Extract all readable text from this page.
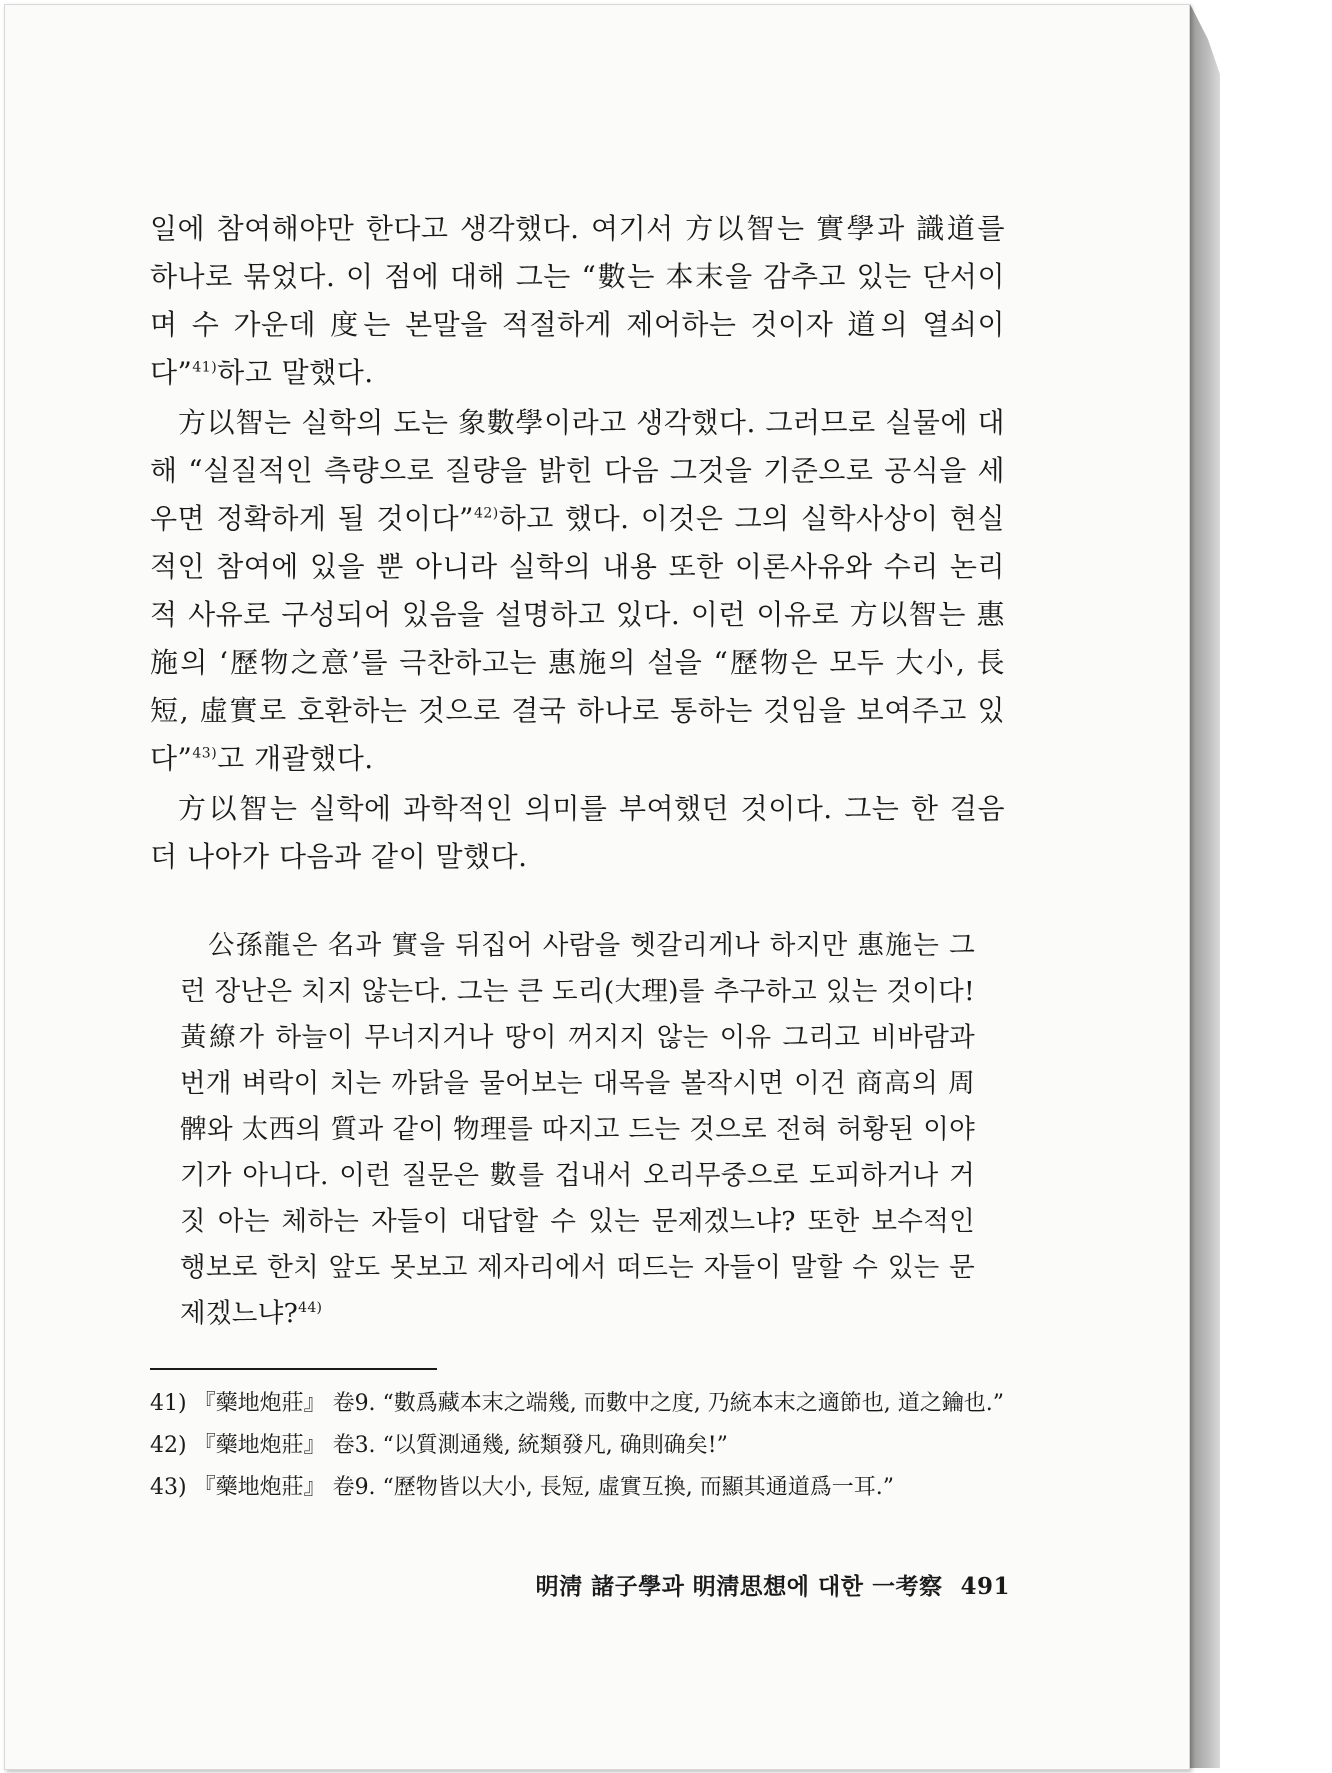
일에 참여해야만 한다고 생각했다. 여기서 方以智는 實學과 識道를 하나로 묶었다. 이 점에 대해 그는 “數는 本末을 감추고 있는 단서이며 수 가운데 度는 본말을 적절하게 제어하는 것이자 道의 열쇠이다”$^{41)}$하고 말했다.

方以智는 실학의 도는 象數學이라고 생각했다. 그러므로 실물에 대해 “실질적인 측량으로 질량을 밝힌 다음 그것을 기준으로 공식을 세우면 정확하게 될 것이다”$^{42)}$하고 했다. 이것은 그의 실학사상이 현실적인 참여에 있을 뿐 아니라 실학의 내용 또한 이론사유와 수리 논리적 사유로 구성되어 있음을 설명하고 있다. 이런 이유로 方以智는 惠施의 ‘歷物之意’를 극찬하고는 惠施의 설을 “歷物은 모두 大小, 長短, 虛實로 호환하는 것으로 결국 하나로 통하는 것임을 보여주고 있다”$^{43)}$고 개괄했다.

方以智는 실학에 과학적인 의미를 부여했던 것이다. 그는 한 걸음 더 나아가 다음과 같이 말했다.

公孫龍은 名과 實을 뒤집어 사람을 헷갈리게나 하지만 惠施는 그런 장난은 치지 않는다. 그는 큰 도리(大理)를 추구하고 있는 것이다! 黃繚가 하늘이 무너지거나 땅이 꺼지지 않는 이유 그리고 비바람과 번개 벼락이 치는 까닭을 물어보는 대목을 볼작시면 이건 商高의 周髀와 太西의 質과 같이 物理를 따지고 드는 것으로 전혀 허황된 이야기가 아니다. 이런 질문은 數를 겁내서 오리무중으로 도피하거나 거짓 아는 체하는 자들이 대답할 수 있는 문제겠느냐? 또한 보수적인 행보로 한치 앞도 못보고 제자리에서 떠드는 자들이 말할 수 있는 문제겠느냐?$^{44)}$

41) 『藥地炮莊』 卷9. “數爲藏本末之端幾, 而數中之度, 乃統本末之適節也, 道之鑰也.”

42) 『藥地炮莊』 卷3. “以質測通幾, 統類發凡, 确則确矣!”

43) 『藥地炮莊』 卷9. “歷物皆以大小, 長短, 虛實互換, 而顯其通道爲一耳.”

明淸 諸子學과 明淸思想에 대한 一考察 491
